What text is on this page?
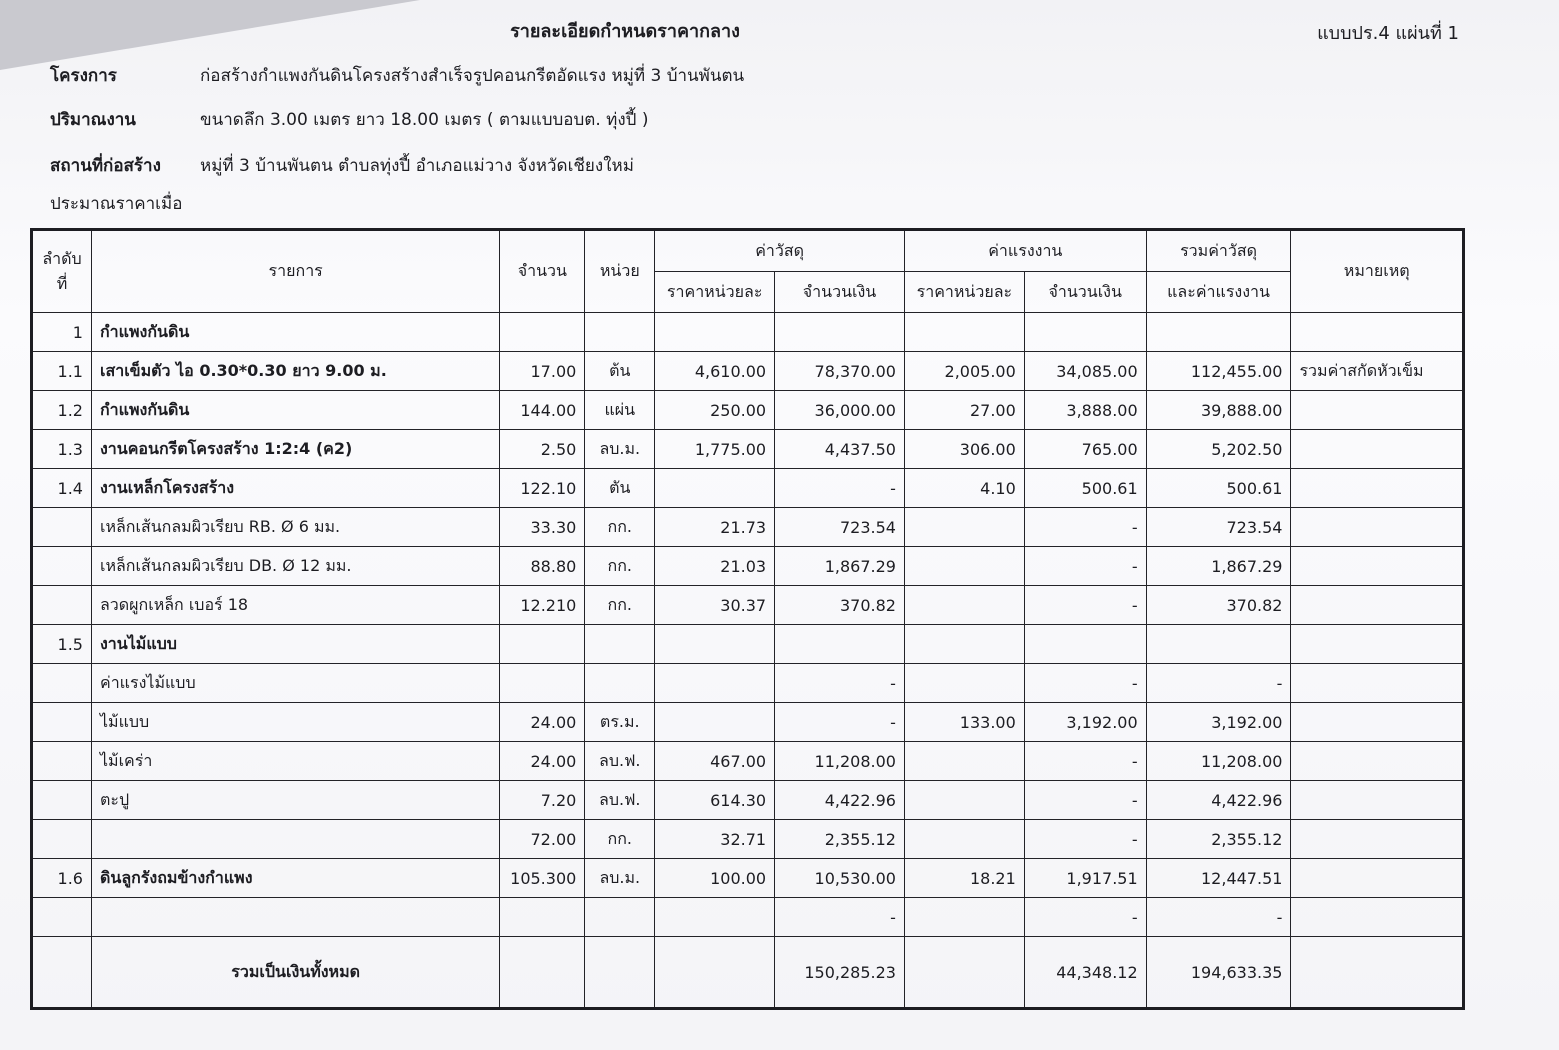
แบบปร.4 แผ่นที่ 1
รายละเอียดกำหนดราคากลาง
โครงการ	ก่อสร้างกำแพงกันดินโครงสร้างสำเร็จรูปคอนกรีตอัดแรง หมู่ที่ 3 บ้านพันตน
ปริมาณงาน	ขนาดลึก 3.00 เมตร ยาว 18.00 เมตร ( ตามแบบอบต. ทุ่งปี้ )
สถานที่ก่อสร้าง หมู่ที่ 3 บ้านพันตน ตำบลทุ่งปี้ อำเภอแม่วาง จังหวัดเชียงใหม่
ประมาณราคาเมื่อ
ลำดับที่	รายการ	จำนวน	หน่วย	ค่าวัสดุ		ค่าแรงงาน		รวมค่าวัสดุ	หมายเหตุ
				ราคาหน่วยละ	จำนวนเงิน	ราคาหน่วยละ	จำนวนเงิน	และค่าแรงงาน	
1	กำแพงกันดิน								
1.1	เสาเข็มตัว ไอ 0.30*0.30 ยาว 9.00 ม.	17.00	ต้น	4,610.00	78,370.00	2,005.00	34,085.00	112,455.00	รวมค่าสกัดหัวเข็ม
1.2	กำแพงกันดิน	144.00	แผ่น	250.00	36,000.00	27.00	3,888.00	39,888.00	
1.3	งานคอนกรีตโครงสร้าง 1:2:4 (ค2)	2.50	ลบ.ม.	1,775.00	4,437.50	306.00	765.00	5,202.50	
1.4	งานเหล็กโครงสร้าง	122.10	ตัน		-	4.10	500.61	500.61	
	เหล็กเส้นกลมผิวเรียบ RB. Ø 6 มม.	33.30	กก.	21.73	723.54		-	723.54	
	เหล็กเส้นกลมผิวเรียบ DB. Ø 12 มม.	88.80	กก.	21.03	1,867.29		-	1,867.29	
	ลวดผูกเหล็ก เบอร์ 18	12.210	กก.	30.37	370.82		-	370.82	
1.5	งานไม้แบบ								
	ค่าแรงไม้แบบ				-		-	-	
	ไม้แบบ	24.00	ตร.ม.		-	133.00	3,192.00	3,192.00	
	ไม้เคร่า	24.00	ลบ.ฟ.	467.00	11,208.00		-	11,208.00	
	ตะปู	7.20	ลบ.ฟ.	614.30	4,422.96		-	4,422.96	
		72.00	กก.	32.71	2,355.12		-	2,355.12	
1.6	ดินลูกรังถมข้างกำแพง	105.300	ลบ.ม.	100.00	10,530.00	18.21	1,917.51	12,447.51	
					-		-	-	
	รวมเป็นเงินทั้งหมด				150,285.23		44,348.12	194,633.35	
